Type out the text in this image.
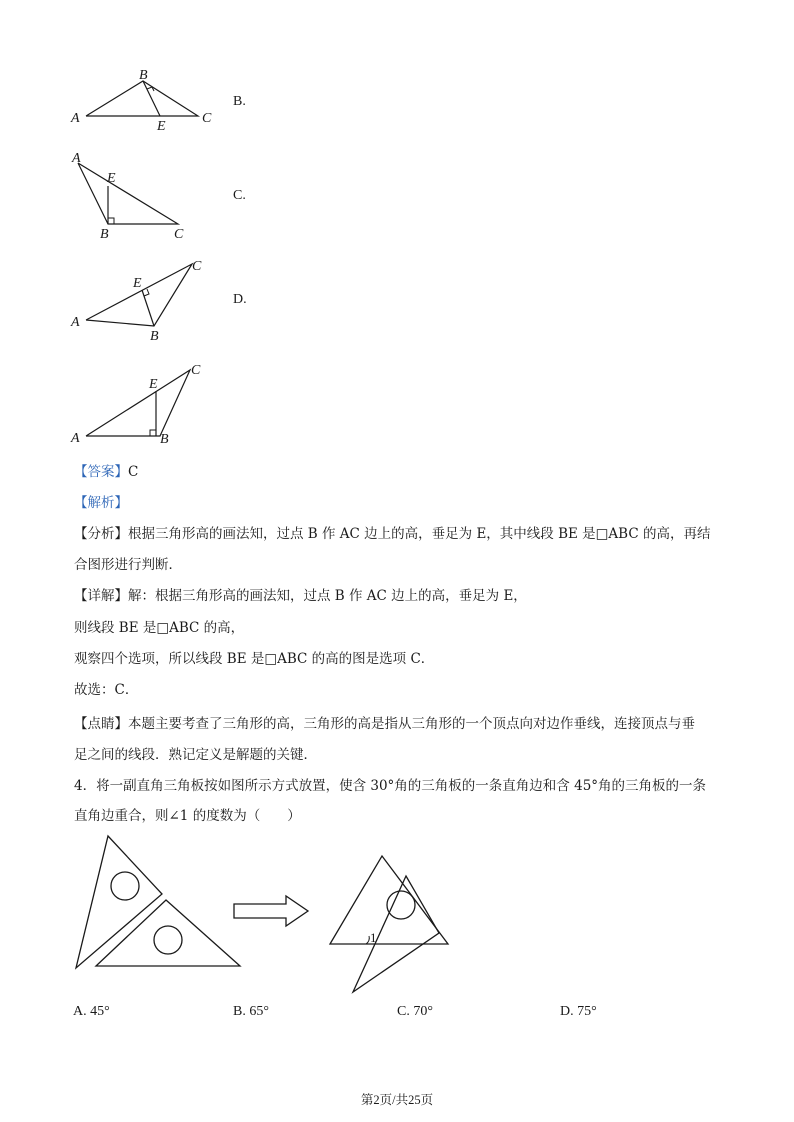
A
B
E
C
B.
A
E
B	C
C.
A
E
C
B
D.
A
E
C
B
【答案】C
【解析】
【分析】根据三角形高的画法知，过点 B 作 AC 边上的高，垂足为 E，其中线段 BE 是□ABC 的高，再结
合图形进行判断．
【详解】解：根据三角形高的画法知，过点 B 作 AC 边上的高，垂足为 E，
则线段 BE 是□ABC 的高，
观察四个选项，所以线段 BE 是□ABC 的高的图是选项 C．
故选：C．
【点睛】本题主要考查了三角形的高，三角形的高是指从三角形的一个顶点向对边作垂线，连接顶点与垂
足之间的线段．熟记定义是解题的关键．
4．将一副直角三角板按如图所示方式放置，使含 30°角的三角板的一条直角边和含 45°角的三角板的一条
直角边重合，则∠1 的度数为（　　）
1
A. 45°	B. 65°	C. 70°	D. 75°
第2页/共25页
